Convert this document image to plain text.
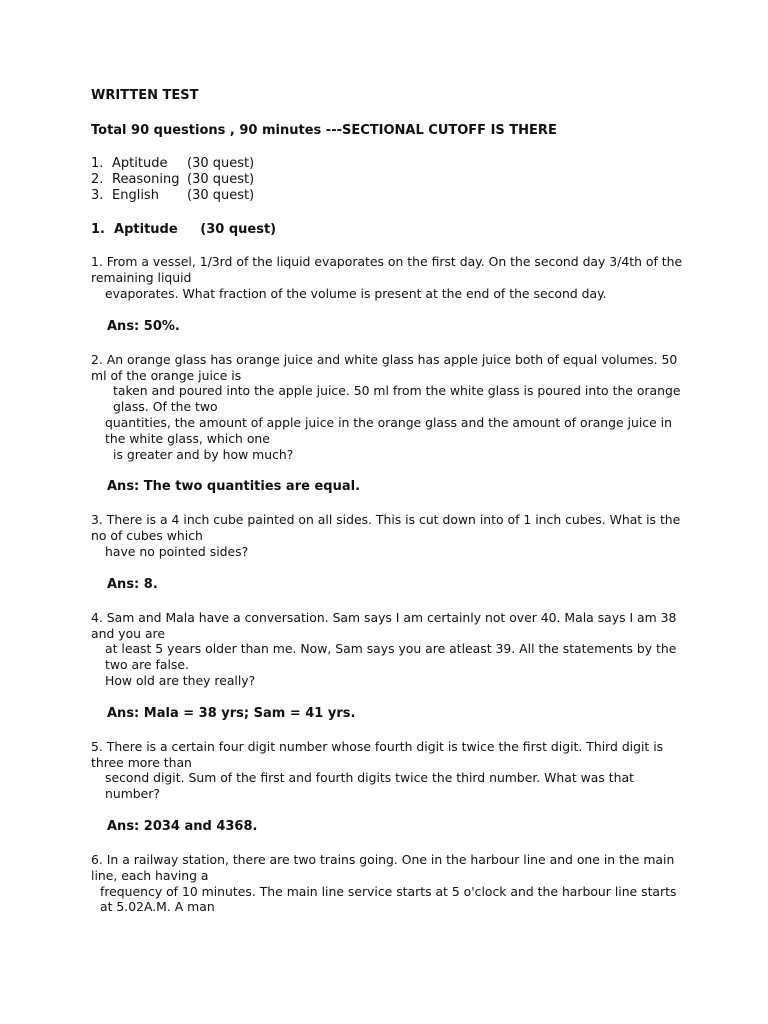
WRITTEN TEST
Total 90 questions , 90 minutes ---SECTIONAL CUTOFF IS THERE
1. Aptitude	(30 quest)
2. Reasoning (30 quest)
3. English	(30 quest)
1.  Aptitude     (30 quest)
1. From a vessel, 1/3rd of the liquid evaporates on the first day. On the second day 3/4th of the remaining liquid
evaporates. What fraction of the volume is present at the end of the second day.
Ans: 50%.
2. An orange glass has orange juice and white glass has apple juice both of equal volumes. 50 ml of the orange juice is
taken and poured into the apple juice. 50 ml from the white glass is poured into the orange glass. Of the two
quantities, the amount of apple juice in the orange glass and the amount of orange juice in the white glass, which one
is greater and by how much?
Ans: The two quantities are equal.
3. There is a 4 inch cube painted on all sides. This is cut down into of 1 inch cubes. What is the no of cubes which
have no pointed sides?
Ans: 8.
4. Sam and Mala have a conversation. Sam says I am certainly not over 40. Mala says I am 38 and you are
at least 5 years older than me. Now, Sam says you are atleast 39. All the statements by the two are false.
How old are they really?
Ans: Mala = 38 yrs; Sam = 41 yrs.
5. There is a certain four digit number whose fourth digit is twice the first digit. Third digit is three more than
second digit. Sum of the first and fourth digits twice the third number. What was that number?
Ans: 2034 and 4368.
6. In a railway station, there are two trains going. One in the harbour line and one in the main line, each having a
frequency of 10 minutes. The main line service starts at 5 o'clock and the harbour line starts at 5.02A.M. A man
